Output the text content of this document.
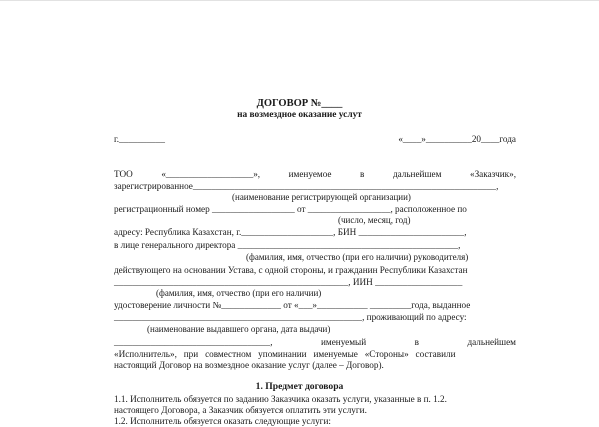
ДОГОВОР №____
на возмездное оказание услут
г.__________	«____»__________20____года
ТОО	«___________________»,	именуемое	в	дальнейшем	«Заказчик»,
зарегистрированное__________________________________________________________________,
(наименование регистрирующей организации)
регистрационный номер __________________ от __________________, расположенное по
(число, месяц, год)
адресу: Республика Казахстан, г.____________________, БИН _______________________,
в лице генерального директора ________________________________________________,
(фамилия, имя, отчество (при его наличии) руководителя)
действующего на основании Устава, с одной стороны, и гражданин Республики Казахстан
___________________________________________________, ИИН ___________________
(фамилия, имя, отчество (при его наличии)
удостоверение личности №_____________ от «___»___________ _________года, выданное
______________________________________________________, проживающий по адресу:
(наименование выдавшего органа, дата выдачи)
__________________________________,	именуемый	в	дальнейшем
«Исполнитель»,   при   совместном   упоминании   именуемые   «Стороны»   составили
настоящий Договор на возмездное оказание услуг (далее – Договор).
1. Предмет договора
1.1. Исполнитель обязуется по заданию Заказчика оказать услуги, указанные в п. 1.2.
настоящего Договора, а Заказчик обязуется оплатить эти услуги.
1.2. Исполнитель обязуется оказать следующие услуги:
